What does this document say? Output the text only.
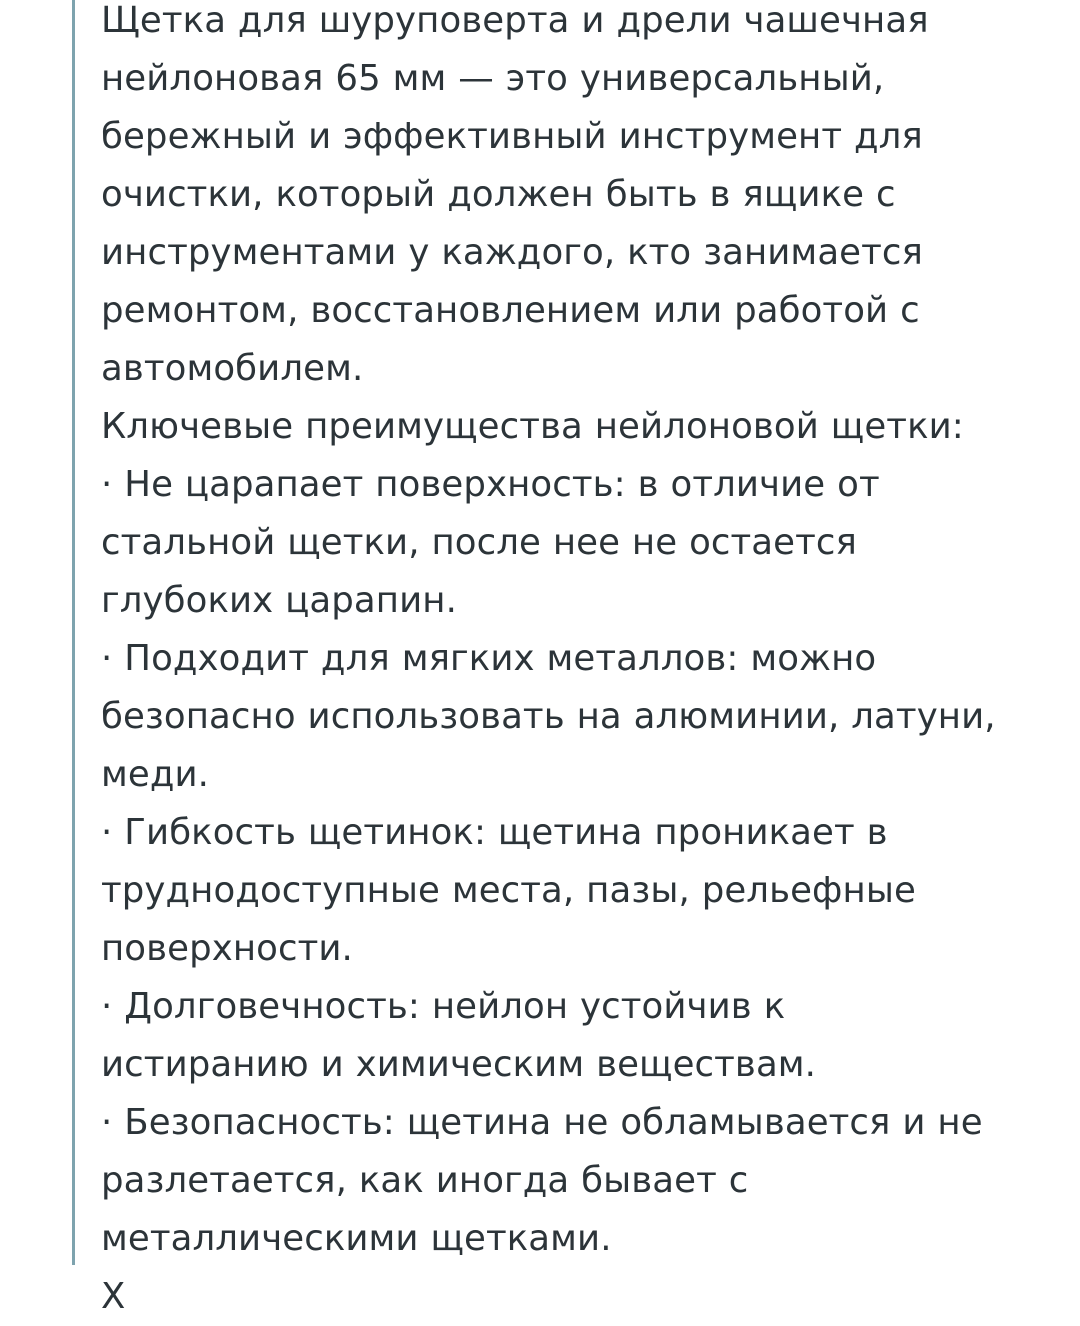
Щетка для шуруповерта и дрели чашечная нейлоновая 65 мм — это универсальный, бережный и эффективный инструмент для очистки, который должен быть в ящике с инструментами у каждого, кто занимается ремонтом, восстановлением или работой с автомобилем.

Ключевые преимущества нейлоновой щетки:

· Не царапает поверхность: в отличие от стальной щетки, после нее не остается глубоких царапин.

· Подходит для мягких металлов: можно безопасно использовать на алюминии, латуни, меди.

· Гибкость щетинок: щетина проникает в труднодоступные места, пазы, рельефные поверхности.

· Долговечность: нейлон устойчив к истиранию и химическим веществам.

· Безопасность: щетина не обламывается и не разлетается, как иногда бывает с металлическими щетками.

Х
